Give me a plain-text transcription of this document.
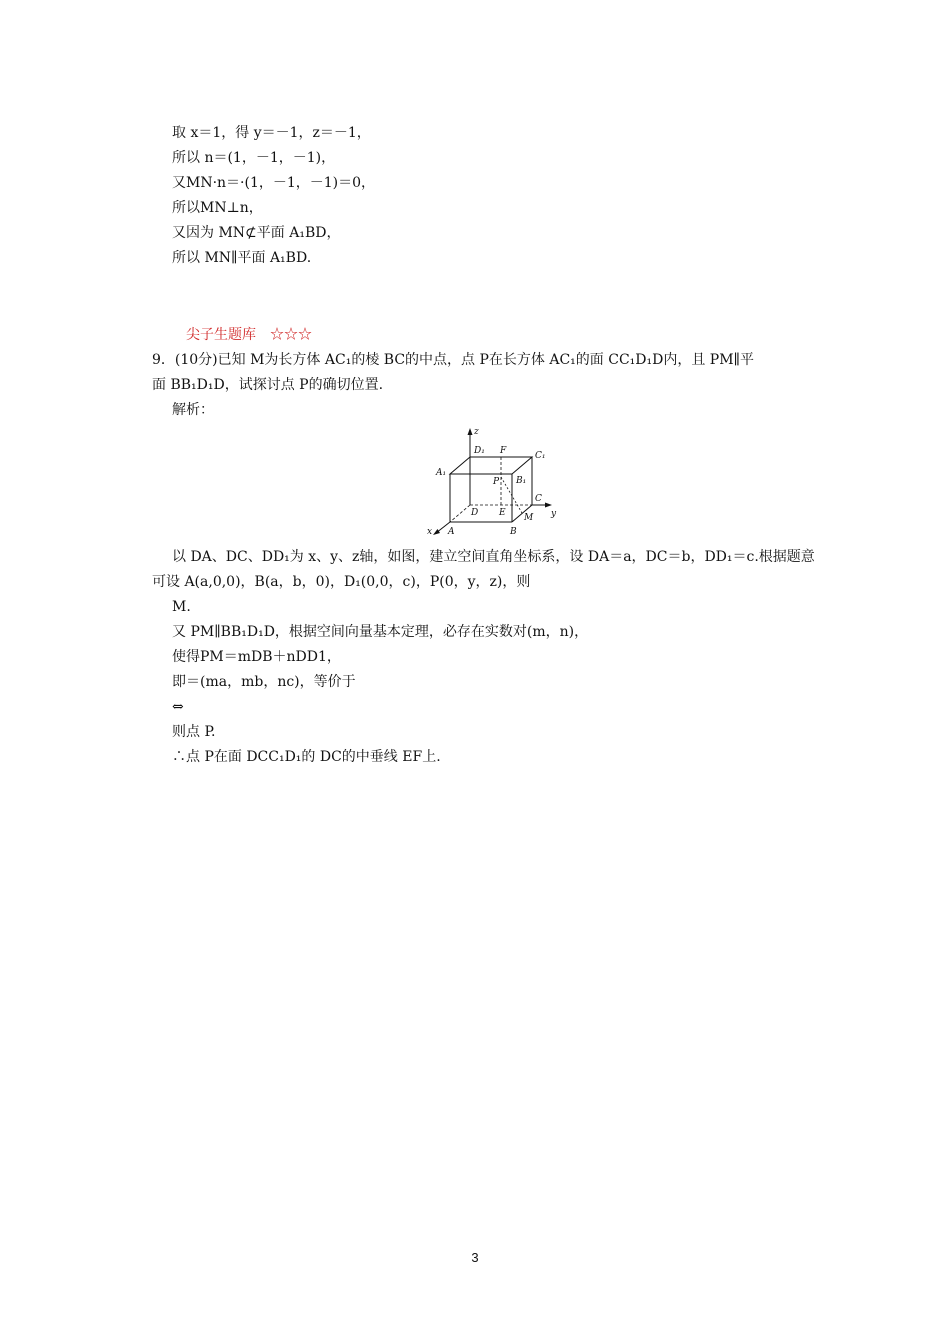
取 x＝1，得 y＝－1，z＝－1，
所以 n＝(1，－1，－1)，
又MN·n＝·(1，－1，－1)＝0，
所以MN⊥n，
又因为 MN⊄平面 A₁BD，
所以 MN∥平面 A₁BD.
尖子生题库　☆☆☆
9．(10分)已知 M为长方体 AC₁的棱 BC的中点，点 P在长方体 AC₁的面 CC₁D₁D内，且 PM∥平
面 BB₁D₁D，试探讨点 P的确切位置.
解析：
z
D₁ F	C₁
A₁
B₁
P
C
D E	y
M
x A	B
以 DA、DC、DD₁为 x、y、z轴，如图，建立空间直角坐标系，设 DA＝a，DC＝b，DD₁＝c.根据题意
可设 A(a,0,0)，B(a，b，0)，D₁(0,0，c)，P(0，y，z)，则
M.
又 PM∥BB₁D₁D，根据空间向量基本定理，必存在实数对(m，n)，
使得PM＝mDB＋nDD1，
即＝(ma，mb，nc)，等价于
⇔
则点 P.
∴点 P在面 DCC₁D₁的 DC的中垂线 EF上.
3
